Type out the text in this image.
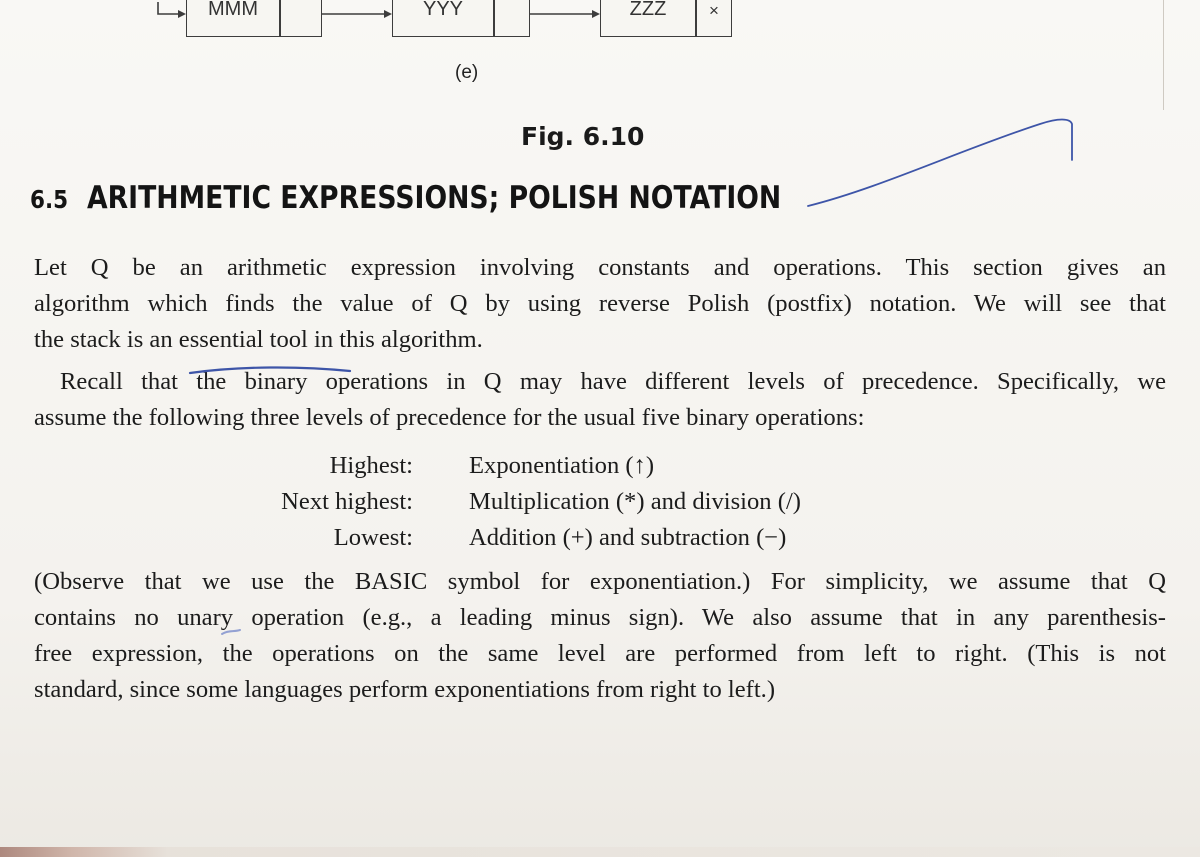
MMM	YYY	ZZZ	×
(e)
Fig. 6.10
6.5 ARITHMETIC EXPRESSIONS; POLISH NOTATION

Let Q be an arithmetic expression involving constants and operations. This section gives an

algorithm which finds the value of Q by using reverse Polish (postfix) notation. We will see that

the stack is an essential tool in this algorithm.

Recall that the binary operations in Q may have different levels of precedence. Specifically, we

assume the following three levels of precedence for the usual five binary operations:

Highest: Exponentiation (↑)
Next highest: Multiplication (*) and division (/)
Lowest: Addition (+) and subtraction (−)

(Observe that we use the BASIC symbol for exponentiation.) For simplicity, we assume that Q

contains no unary operation (e.g., a leading minus sign). We also assume that in any parenthesis-

free expression, the operations on the same level are performed from left to right. (This is not

standard, since some languages perform exponentiations from right to left.)
